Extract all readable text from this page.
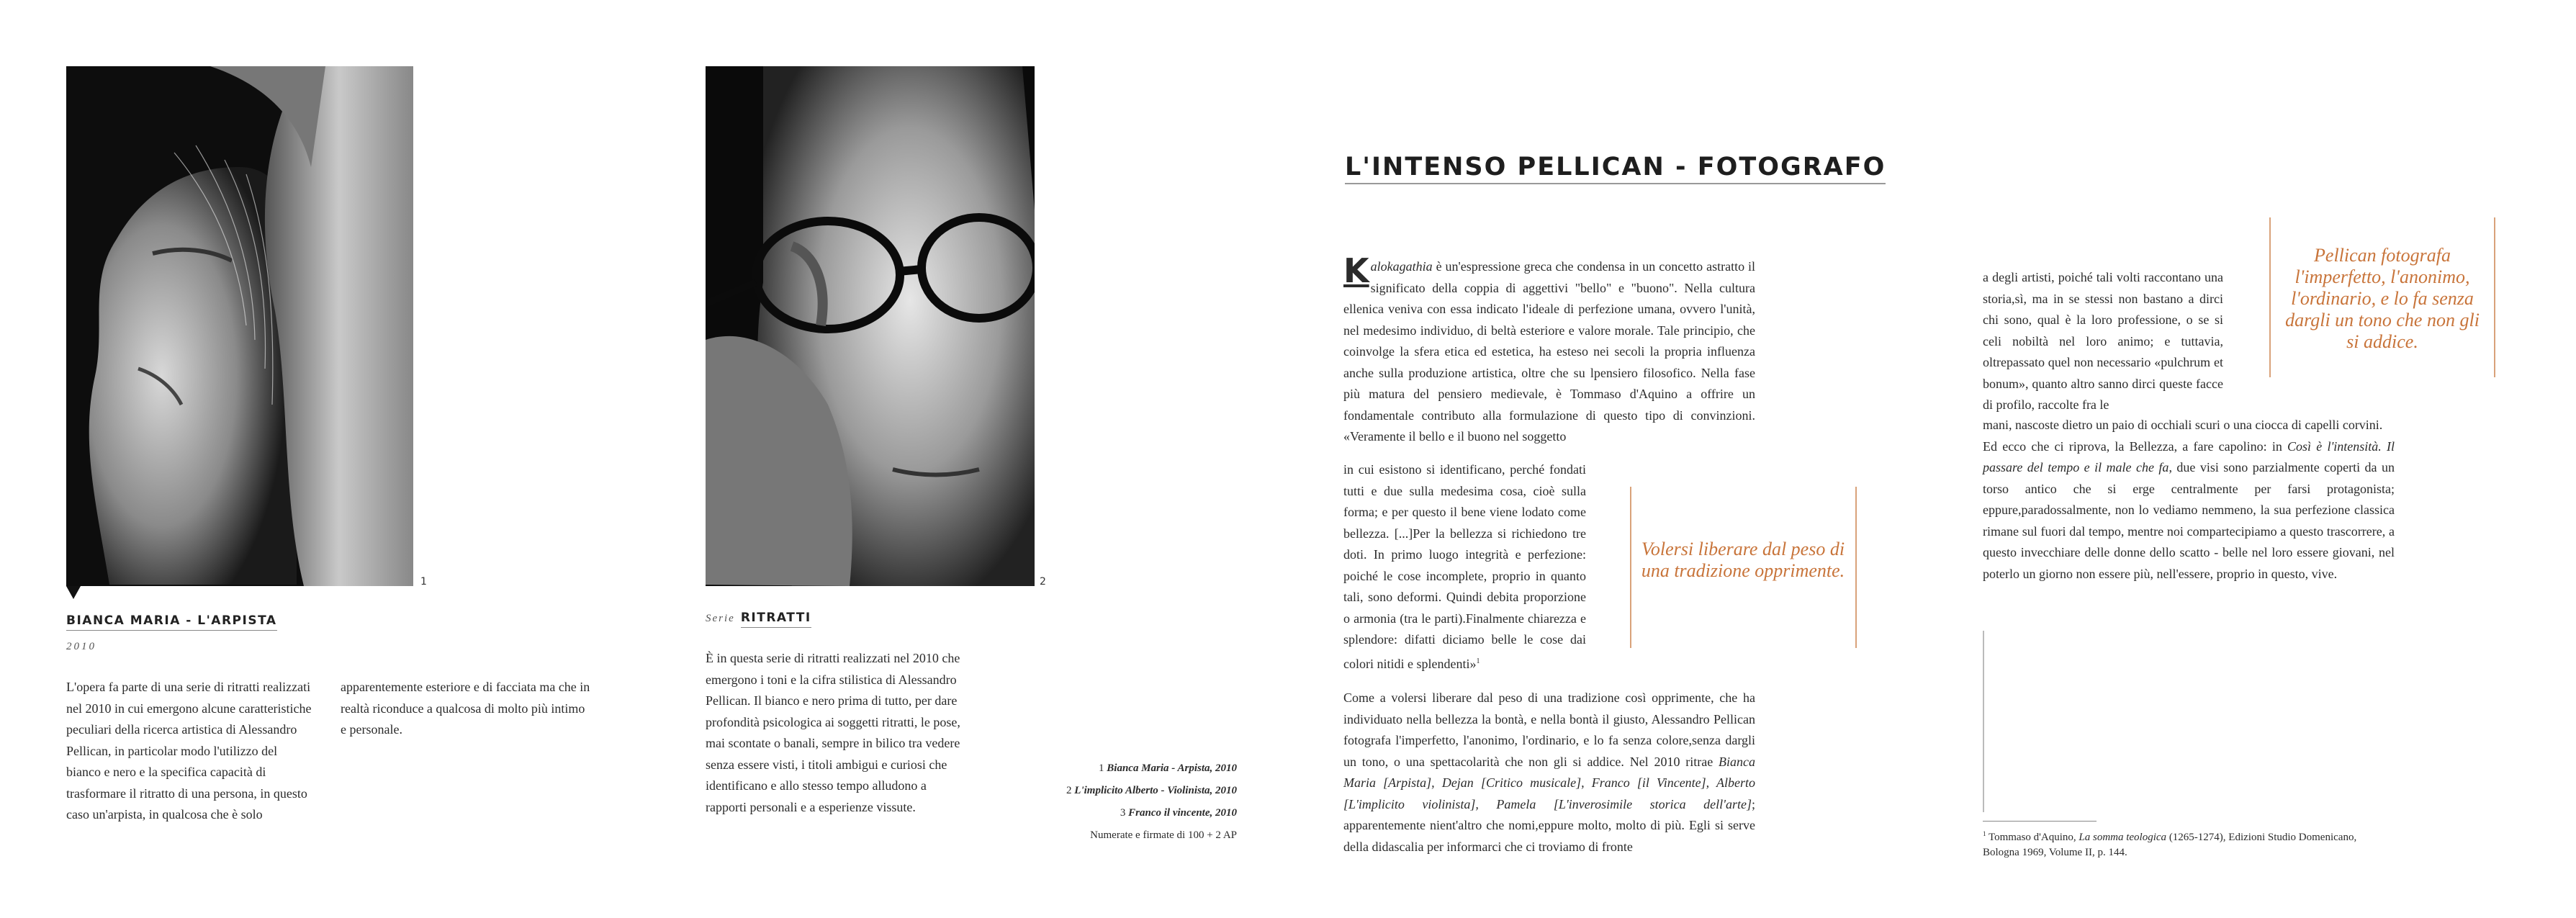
1
BIANCA MARIA - L'ARPISTA
2010
L'opera fa parte di una serie di ritratti realizzati nel 2010 in cui emergono alcune caratteristiche peculiari della ricerca artistica di Alessandro Pellican, in particolar modo l'utilizzo del bianco e nero e la specifica capacità di trasformare il ritratto di una persona, in questo caso un'arpista, in qualcosa che è solo
apparentemente esteriore e di facciata ma che in realtà riconduce a qualcosa di molto più intimo e personale.
2
Serie RITRATTI
È in questa serie di ritratti realizzati nel 2010 che emergono i toni e la cifra stilistica di Alessandro Pellican. Il bianco e nero prima di tutto, per dare profondità psicologica ai soggetti ritratti, le pose, mai scontate o banali, sempre in bilico tra vedere senza essere visti, i titoli ambigui e curiosi che identificano e allo stesso tempo alludono a rapporti personali e a esperienze vissute.
1 Bianca Maria - Arpista, 2010
2 L'implicito Alberto - Violinista, 2010
3 Franco il vincente, 2010
Numerate e firmate di 100 + 2 AP
L'INTENSO PELLICAN - FOTOGRAFO
Kalokagathia è un'espressione greca che condensa in un concetto astratto il significato della coppia di aggettivi "bello" e "buono". Nella cultura ellenica veniva con essa indicato l'ideale di perfezione umana, ovvero l'unità, nel medesimo individuo, di beltà esteriore e valore morale. Tale principio, che coinvolge la sfera etica ed estetica, ha esteso nei secoli la propria influenza anche sulla produzione artistica, oltre che su lpensiero filosofico. Nella fase più matura del pensiero medievale, è Tommaso d'Aquino a offrire un fondamentale contributo alla formulazione di questo tipo di convinzioni. «Veramente il bello e il buono nel soggetto
in cui esistono si identificano, perché fondati tutti e due sulla medesima cosa, cioè sulla forma; e per questo il bene viene lodato come bellezza. [...]Per la bellezza si richiedono tre doti. In primo luogo integrità e perfezione: poiché le cose incomplete, proprio in quanto tali, sono deformi. Quindi debita proporzione o armonia (tra le parti).Finalmente chiarezza e splendore: difatti diciamo belle le cose dai colori nitidi e splendenti»$^1$
Volersi liberare dal peso di una tradizione opprimente.
Come a volersi liberare dal peso di una tradizione così opprimente, che ha individuato nella bellezza la bontà, e nella bontà il giusto, Alessandro Pellican fotografa l'imperfetto, l'anonimo, l'ordinario, e lo fa senza colore,senza dargli un tono, o una spettacolarità che non gli si addice. Nel 2010 ritrae Bianca Maria [Arpista], Dejan [Critico musicale], Franco [il Vincente], Alberto [L'implicito violinista], Pamela [L'inverosimile storica dell'arte]; apparentemente nient'altro che nomi,eppure molto, molto di più. Egli si serve della didascalia per informarci che ci troviamo di fronte
a degli artisti, poiché tali volti raccontano una storia,sì, ma in se stessi non bastano a dirci chi sono, qual è la loro professione, o se si celi nobiltà nel loro animo; e tuttavia, oltrepassato quel non necessario «pulchrum et bonum», quanto altro sanno dirci queste facce di profilo, raccolte fra le
Pellican fotografa l'imperfetto, l'anonimo, l'ordinario, e lo fa senza dargli un tono che non gli si addice.

mani, nascoste dietro un paio di occhiali scuri o una ciocca di capelli corvini.

Ed ecco che ci riprova, la Bellezza, a fare capolino: in Così è l'intensità. Il passare del tempo e il male che fa, due visi sono parzialmente coperti da un torso antico che si erge centralmente per farsi protagonista; eppure,paradossalmente, non lo vediamo nemmeno, la sua perfezione classica rimane sul fuori dal tempo, mentre noi compartecipiamo a questo trascorrere, a questo invecchiare delle donne dello scatto - belle nel loro essere giovani, nel poterlo un giorno non essere più, nell'essere, proprio in questo, vive.

$^1$ Tommaso d'Aquino, La somma teologica (1265-1274), Edizioni Studio Domenicano, Bologna 1969, Volume II, p. 144.
